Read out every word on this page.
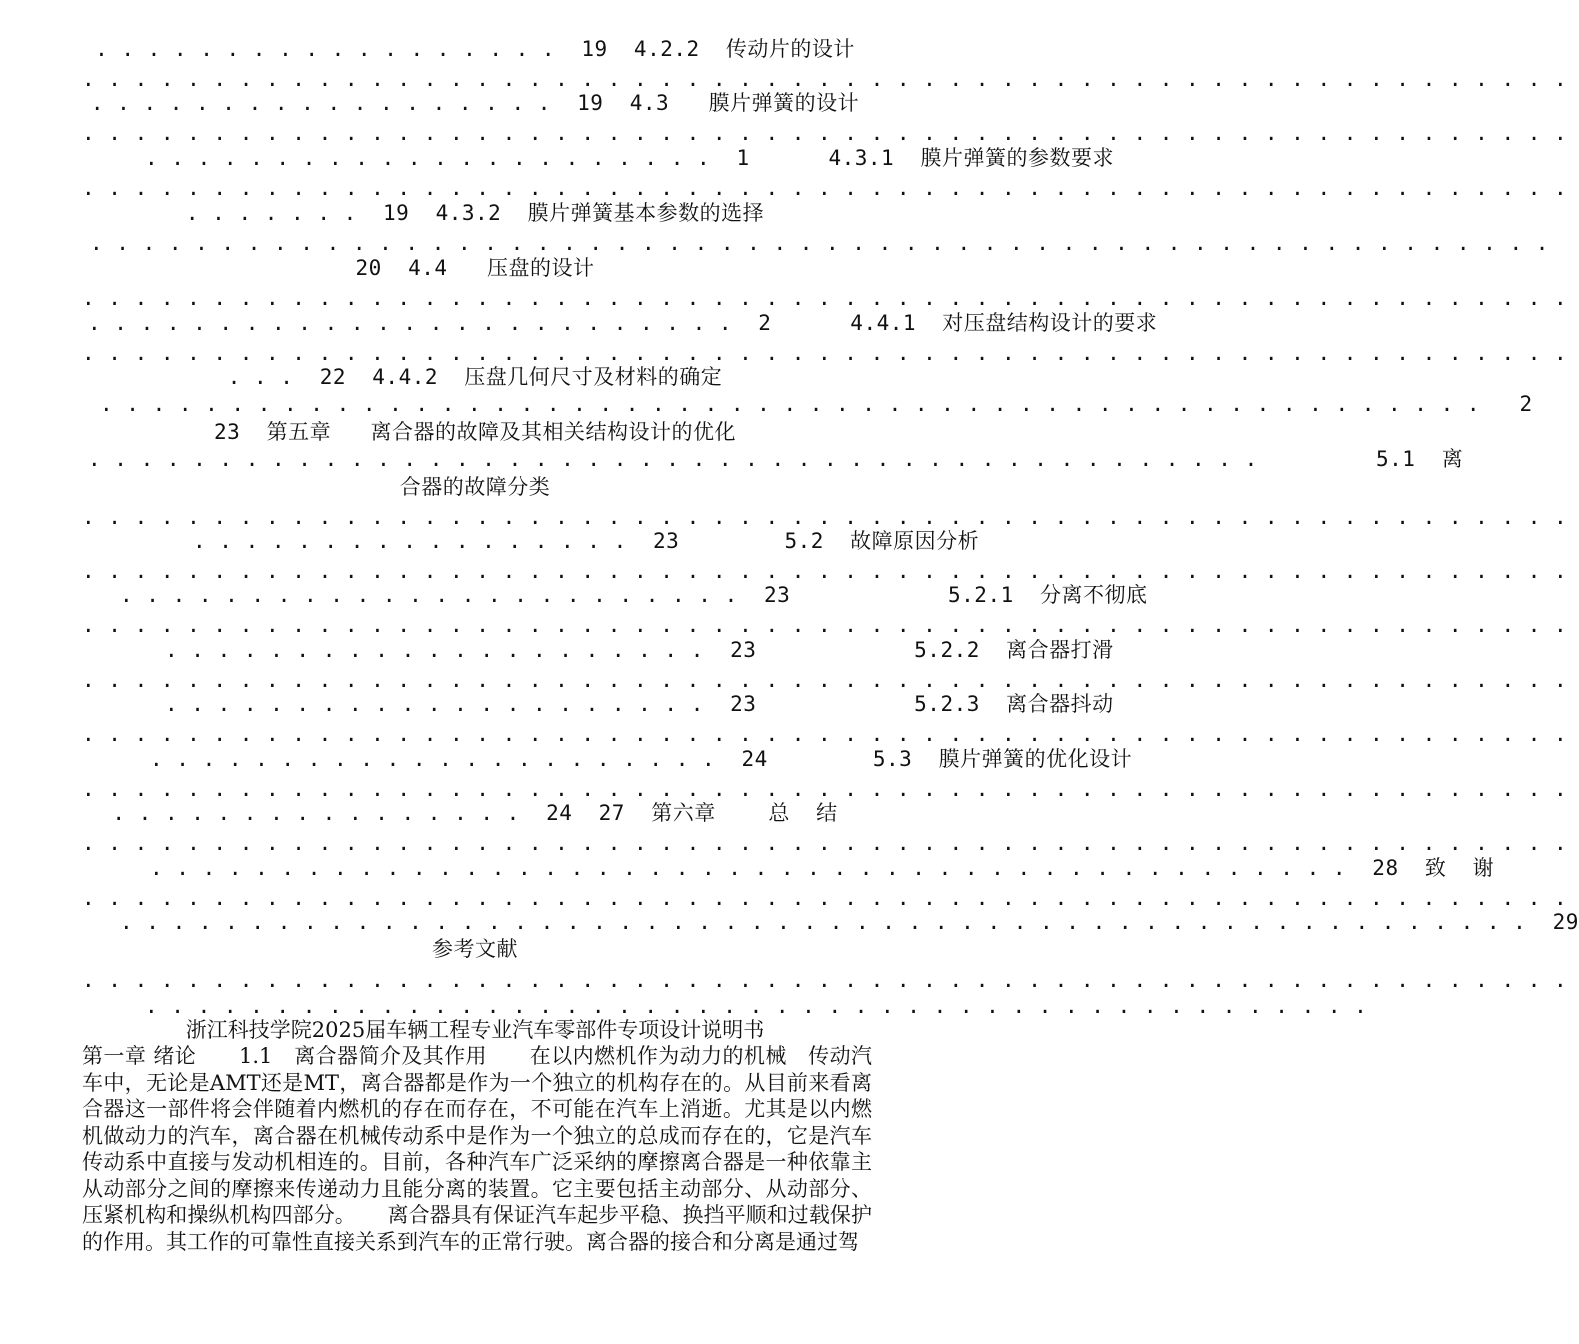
. . . . . . . . . . . . . . . . . .  19  4.2.2  传动片的设计
. . . . . . . . . . . . . . . . . . . . . . . . . . . . . . . . . . . . . . . . . . . . . . . . . . . . . . . . .
. . . . . . . . . . . . . . . . . .  19  4.3   膜片弹簧的设计
. . . . . . . . . . . . . . . . . . . . . . . . . . . . . . . . . . . . . . . . . . . . . . . . . . . . . . . . .
. . . . . . . . . . . . . . . . . . . . . .  1      4.3.1  膜片弹簧的参数要求
. . . . . . . . . . . . . . . . . . . . . . . . . . . . . . . . . . . . . . . . . . . . . . . . . . . . . . . . .
. . . . . . .  19  4.3.2  膜片弹簧基本参数的选择
. . . . . . . . . . . . . . . . . . . . . . . . . . . . . . . . . . . . . . . . . . . . . . . . . . . . . . . .
20  4.4   压盘的设计
. . . . . . . . . . . . . . . . . . . . . . . . . . . . . . . . . . . . . . . . . . . . . . . . . . . . . . . . .
. . . . . . . . . . . . . . . . . . . . . . . . .  2      4.4.1  对压盘结构设计的要求
. . . . . . . . . . . . . . . . . . . . . . . . . . . . . . . . . . . . . . . . . . . . . . . . . . . . . . . . .
. . .  22  4.4.2  压盘几何尺寸及材料的确定
. . . . . . . . . . . . . . . . . . . . . . . . . . . . . . . . . . . . . . . . . . . . . . . . . . . . .   2
23  第五章   离合器的故障及其相关结构设计的优化
. . . . . . . . . . . . . . . . . . . . . . . . . . . . . . . . . . . . . . . . . . . . .         5.1  离
合器的故障分类
. . . . . . . . . . . . . . . . . . . . . . . . . . . . . . . . . . . . . . . . . . . . . . . . . . . . . . . . .
. . . . . . . . . . . . . . . . .  23        5.2  故障原因分析
. . . . . . . . . . . . . . . . . . . . . . . . . . . . . . . . . . . . . . . . . . . . . . . . . . . . . . . . .
. . . . . . . . . . . . . . . . . . . . . . . .  23            5.2.1  分离不彻底
. . . . . . . . . . . . . . . . . . . . . . . . . . . . . . . . . . . . . . . . . . . . . . . . . . . . . . . . .
. . . . . . . . . . . . . . . . . . . . .  23            5.2.2  离合器打滑
. . . . . . . . . . . . . . . . . . . . . . . . . . . . . . . . . . . . . . . . . . . . . . . . . . . . . . . . .
. . . . . . . . . . . . . . . . . . . . .  23            5.2.3  离合器抖动
. . . . . . . . . . . . . . . . . . . . . . . . . . . . . . . . . . . . . . . . . . . . . . . . . . . . . . . . .
. . . . . . . . . . . . . . . . . . . . . .  24        5.3  膜片弹簧的优化设计
. . . . . . . . . . . . . . . . . . . . . . . . . . . . . . . . . . . . . . . . . . . . . . . . . . . . . . . . .
. . . . . . . . . . . . . . . .  24  27  第六章    总  结
. . . . . . . . . . . . . . . . . . . . . . . . . . . . . . . . . . . . . . . . . . . . . . . . . . . . . . . . .
. . . . . . . . . . . . . . . . . . . . . . . . . . . . . . . . . . . . . . . . . . . . . .  28  致  谢
. . . . . . . . . . . . . . . . . . . . . . . . . . . . . . . . . . . . . . . . . . . . . . . . . . . . . . . . .
. . . . . . . . . . . . . . . . . . . . . . . . . . . . . . . . . . . . . . . . . . . . . . . . . . . . . .  29
参考文献
. . . . . . . . . . . . . . . . . . . . . . . . . . . . . . . . . . . . . . . . . . . . . . . . . . . . . . . . .
. . . . . . . . . . . . . . . . . . . . . . . . . . . . . . . . . . . . . . . . . . . . . . .
浙江科技学院2025届车辆工程专业汽车零部件专项设计说明书
第一章 绪论　　1.1　离合器简介及其作用　　在以内燃机作为动力的机械　传动汽车中，无论是AMT还是MT，离合器都是作为一个独立的机构存在的。从目前来看离合器这一部件将会伴随着内燃机的存在而存在，不可能在汽车上消逝。尤其是以内燃机做动力的汽车，离合器在机械传动系中是作为一个独立的总成而存在的，它是汽车传动系中直接与发动机相连的。目前，各种汽车广泛采纳的摩擦离合器是一种依靠主从动部分之间的摩擦来传递动力且能分离的装置。它主要包括主动部分、从动部分、压紧机构和操纵机构四部分。　　离合器具有保证汽车起步平稳、换挡平顺和过载保护的作用。其工作的可靠性直接关系到汽车的正常行驶。离合器的接合和分离是通过驾
